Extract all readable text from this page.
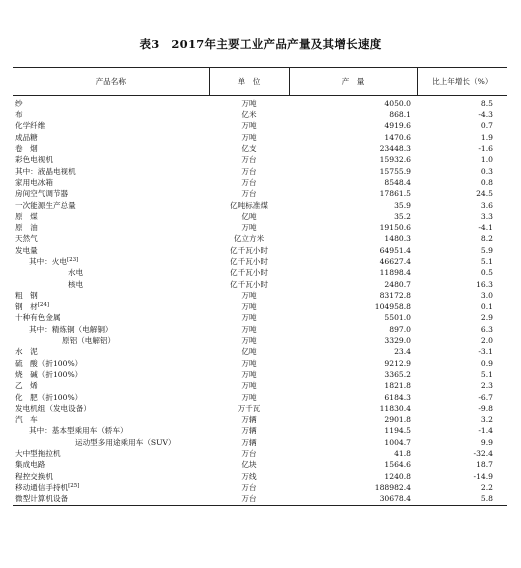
表3　2017年主要工业产品产量及其增长速度
产品名称	单　位	产　量	比上年增长（%）
纱	万吨	4050.0	8.5
布	亿米	868.1	-4.3
化学纤维	万吨	4919.6	0.7
成品糖	万吨	1470.6	1.9
卷　烟	亿支	23448.3	-1.6
彩色电视机	万台	15932.6	1.0
其中：液晶电视机	万台	15755.9	0.3
家用电冰箱	万台	8548.4	0.8
房间空气调节器	万台	17861.5	24.5
一次能源生产总量	亿吨标准煤	35.9	3.6
原　煤	亿吨	35.2	3.3
原　油	万吨	19150.6	-4.1
天然气	亿立方米	1480.3	8.2
发电量	亿千瓦小时	64951.4	5.9
其中：火电[23]	亿千瓦小时	46627.4	5.1
水电	亿千瓦小时	11898.4	0.5
核电	亿千瓦小时	2480.7	16.3
粗　钢	万吨	83172.8	3.0
钢　材[24]	万吨	104958.8	0.1
十种有色金属	万吨	5501.0	2.9
其中：精炼铜（电解铜）	万吨	897.0	6.3
原铝（电解铝）	万吨	3329.0	2.0
水　泥	亿吨	23.4	-3.1
硫　酸（折100%）	万吨	9212.9	0.9
烧　碱（折100%）	万吨	3365.2	5.1
乙　烯	万吨	1821.8	2.3
化　肥（折100%）	万吨	6184.3	-6.7
发电机组（发电设备）	万千瓦	11830.4	-9.8
汽　车	万辆	2901.8	3.2
其中：基本型乘用车（轿车）	万辆	1194.5	-1.4
运动型多用途乘用车（SUV）	万辆	1004.7	9.9
大中型拖拉机	万台	41.8	-32.4
集成电路	亿块	1564.6	18.7
程控交换机	万线	1240.8	-14.9
移动通信手持机[25]	万台	188982.4	2.2
微型计算机设备	万台	30678.4	5.8
